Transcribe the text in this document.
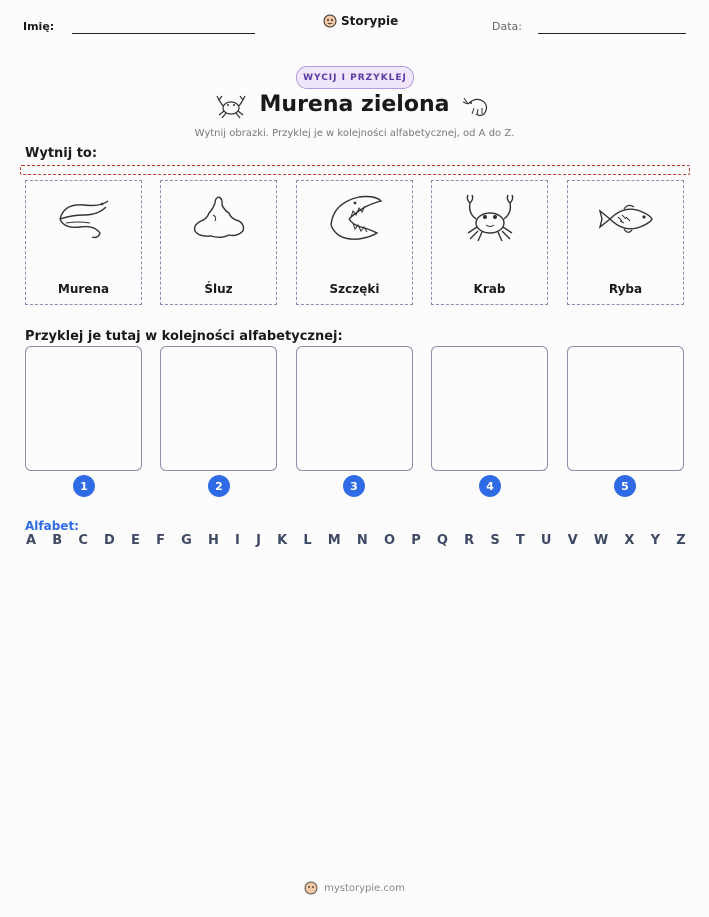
Imię:	Storypie	Data:
WYCIJ I PRZYKLEJ
Murena zielona
Wytnij obrazki. Przyklej je w kolejności alfabetycznej, od A do Z.
Wytnij to:
Murena	Śluz	Szczęki	Krab	Ryba
Przyklej je tutaj w kolejności alfabetycznej:
1	2	3	4	5
Alfabet:
A B C D E F G H I J K L M N O P Q R S T U V W X Y Z
mystorypie.com
